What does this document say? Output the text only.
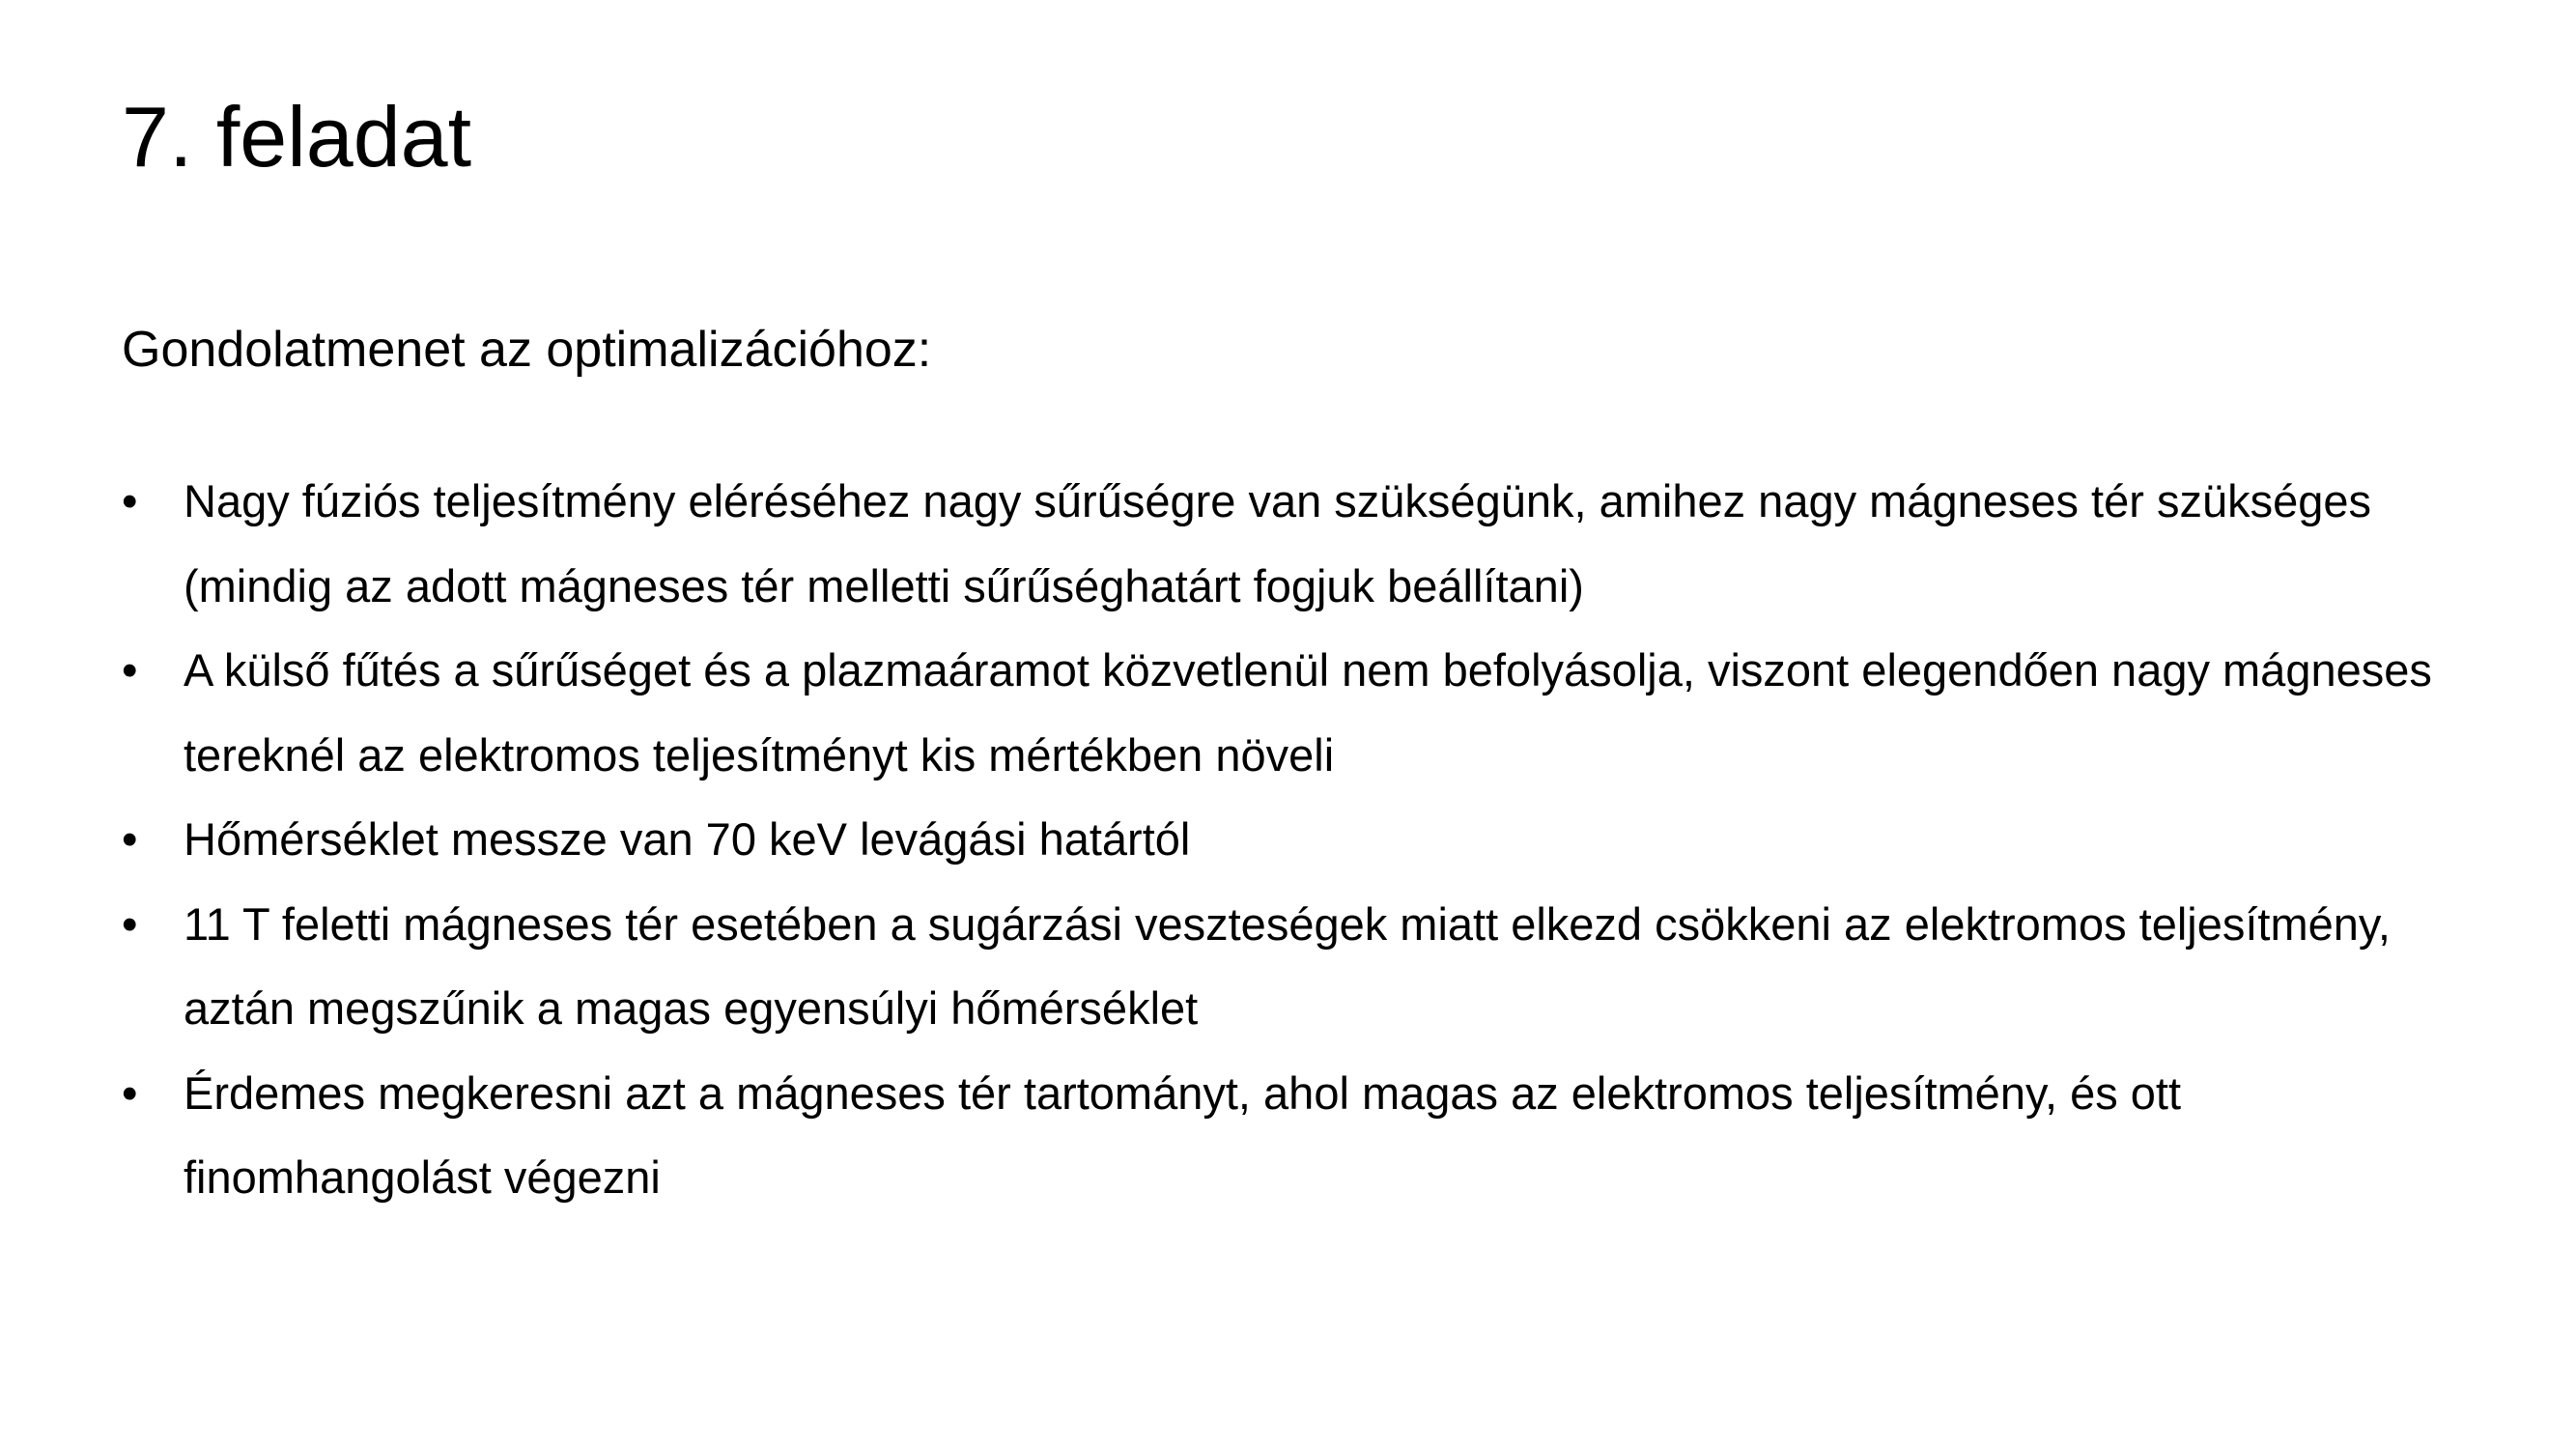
7. feladat

Gondolatmenet az optimalizációhoz:

•	Nagy fúziós teljesítmény eléréséhez nagy sűrűségre van szükségünk, amihez nagy mágneses tér szükséges (mindig az adott mágneses tér melletti sűrűséghatárt fogjuk beállítani)
•	A külső fűtés a sűrűséget és a plazmaáramot közvetlenül nem befolyásolja, viszont elegendően nagy mágneses tereknél az elektromos teljesítményt kis mértékben növeli
•	Hőmérséklet messze van 70 keV levágási határtól
•	11 T feletti mágneses tér esetében a sugárzási veszteségek miatt elkezd csökkeni az elektromos teljesítmény, aztán megszűnik a magas egyensúlyi hőmérséklet
•	Érdemes megkeresni azt a mágneses tér tartományt, ahol magas az elektromos teljesítmény, és ott finomhangolást végezni
